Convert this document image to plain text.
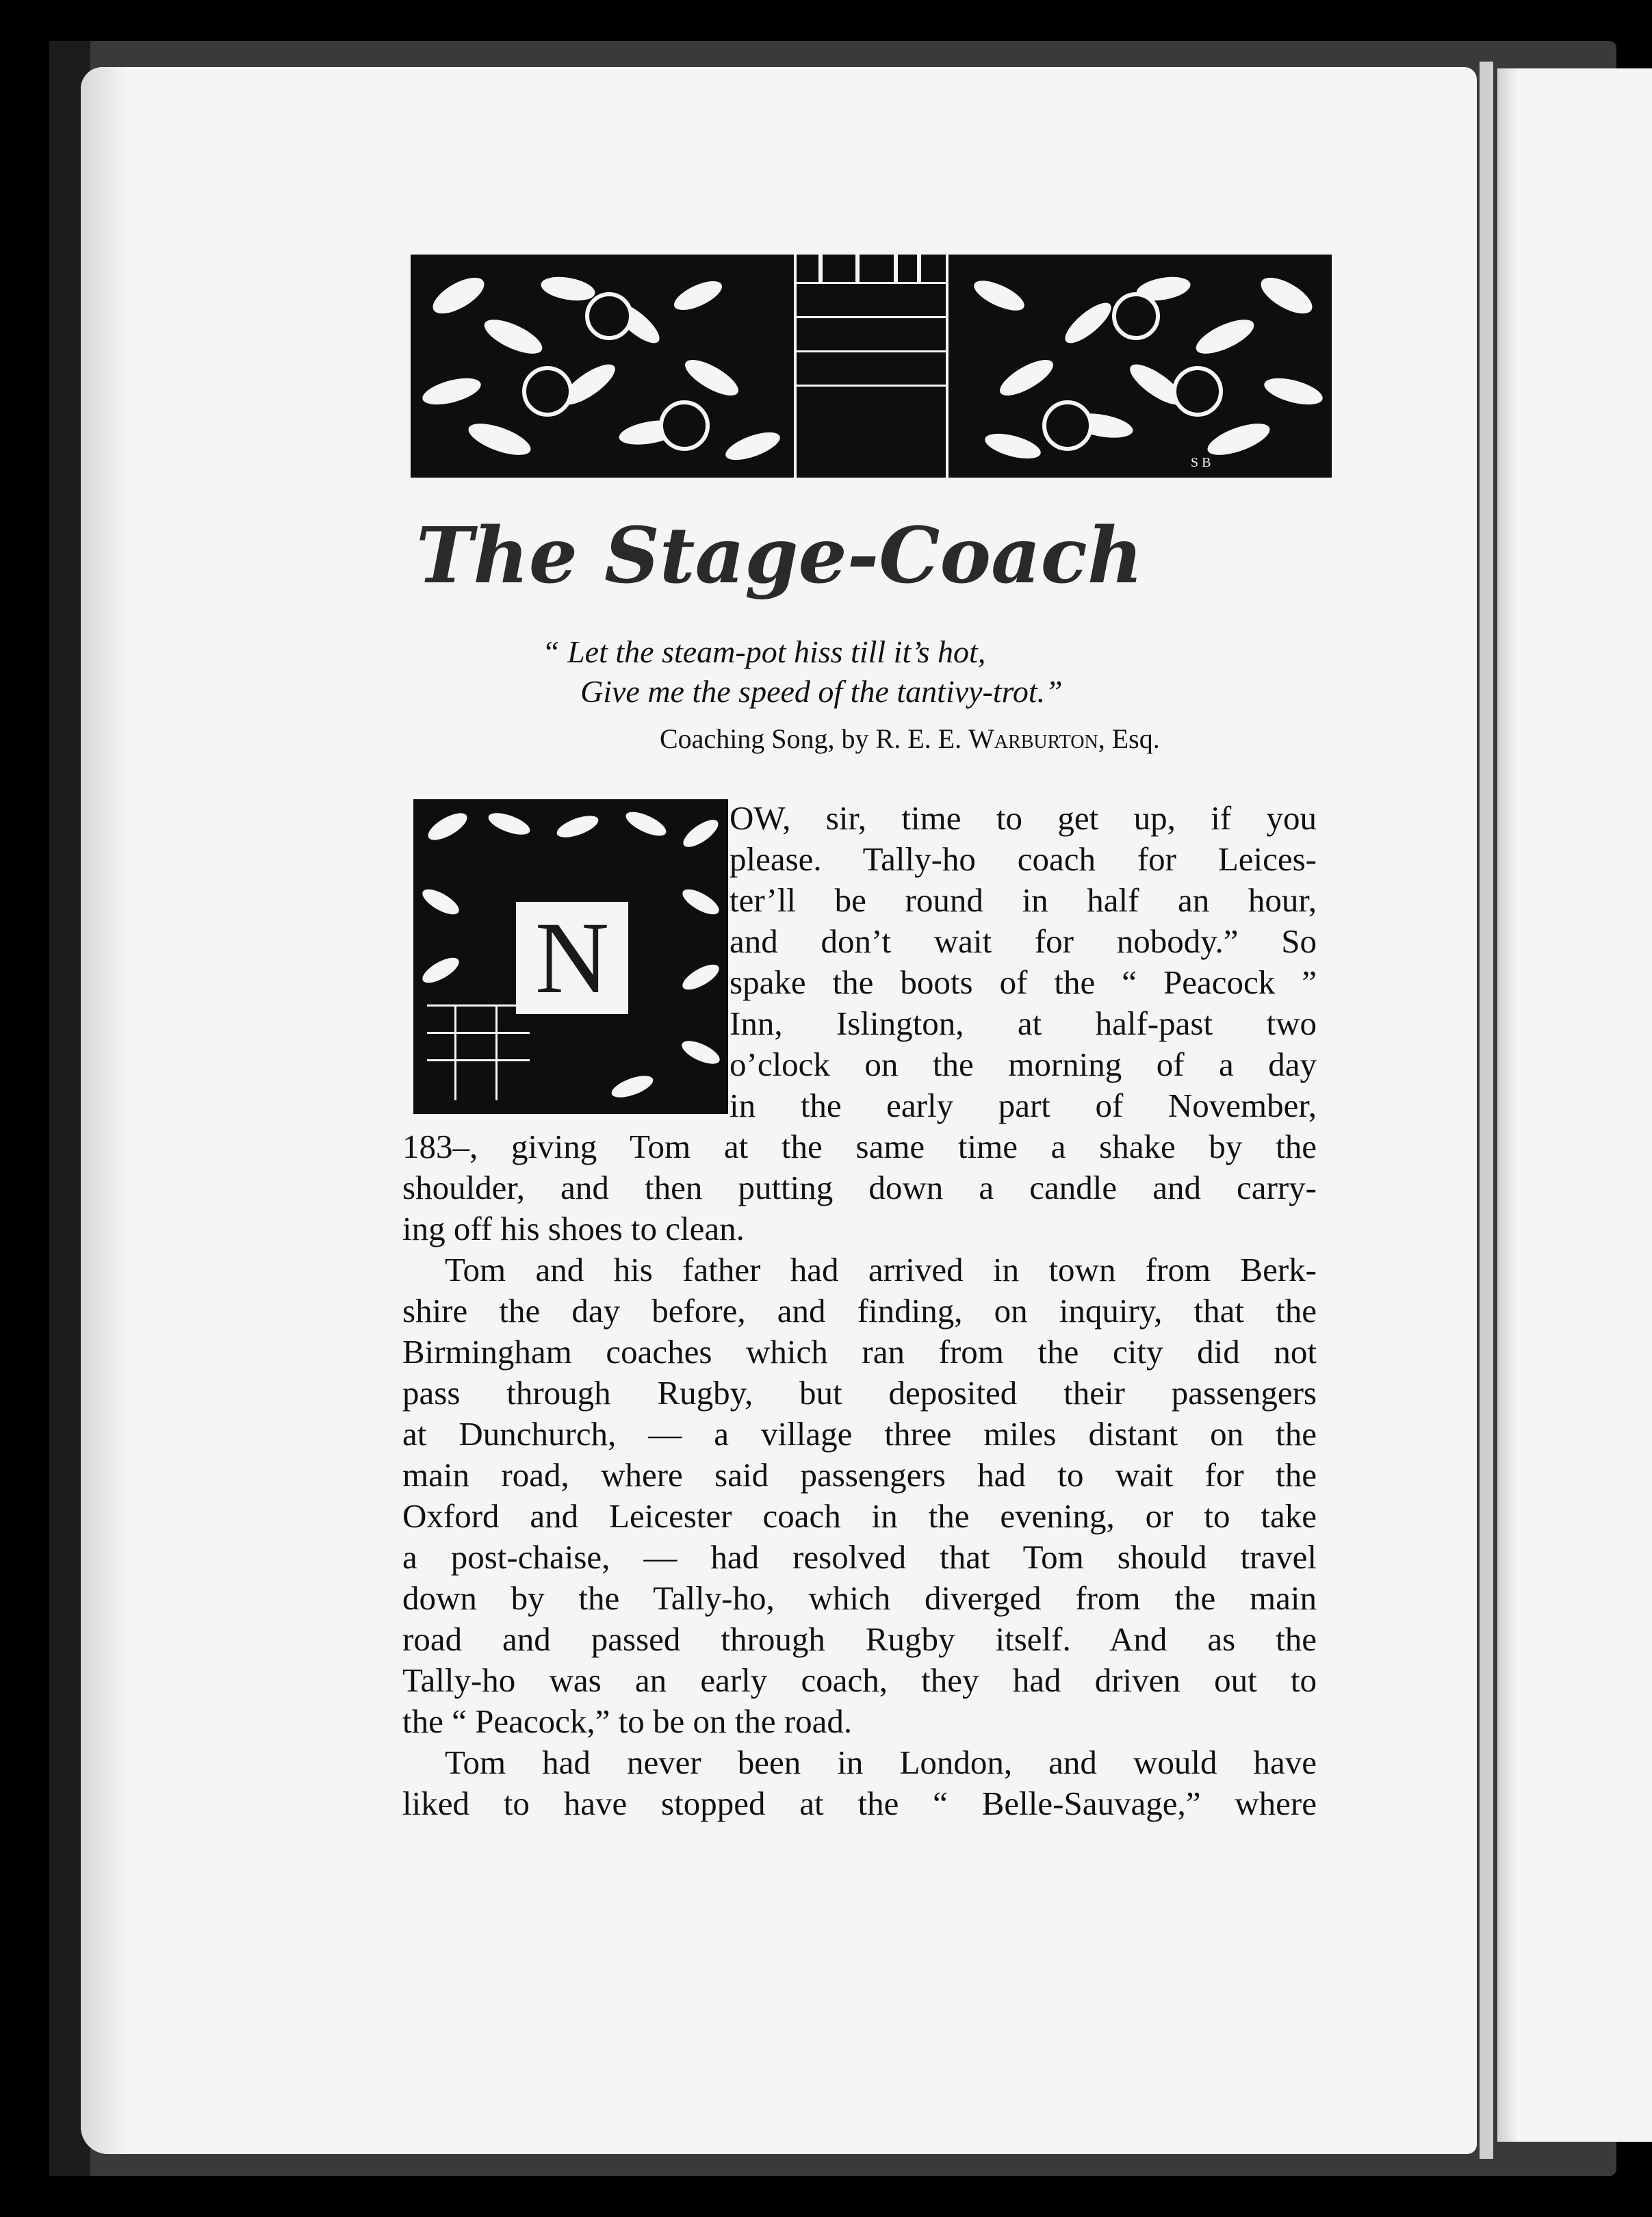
S B
The Stage-Coach
“ Let the steam-pot hiss till it’s hot,
Give me the speed of the tantivy-trot.”
Coaching Song, by R. E. E. Warburton, Esq.
N
OW, sir, time to get up, if you
please. Tally-ho coach for Leices-
ter’ll be round in half an hour,
and don’t wait for nobody.” So
spake the boots of the “ Peacock ”
Inn, Islington, at half-past two
o’clock on the morning of a day
in the early part of November,
183–, giving Tom at the same time a shake by the
shoulder, and then putting down a candle and carry-
ing off his shoes to clean.
Tom and his father had arrived in town from Berk-
shire the day before, and finding, on inquiry, that the
Birmingham coaches which ran from the city did not
pass through Rugby, but deposited their passengers
at Dunchurch, — a village three miles distant on the
main road, where said passengers had to wait for the
Oxford and Leicester coach in the evening, or to take
a post-chaise, — had resolved that Tom should travel
down by the Tally-ho, which diverged from the main
road and passed through Rugby itself. And as the
Tally-ho was an early coach, they had driven out to
the “ Peacock,” to be on the road.
Tom had never been in London, and would have
liked to have stopped at the “ Belle-Sauvage,” where
